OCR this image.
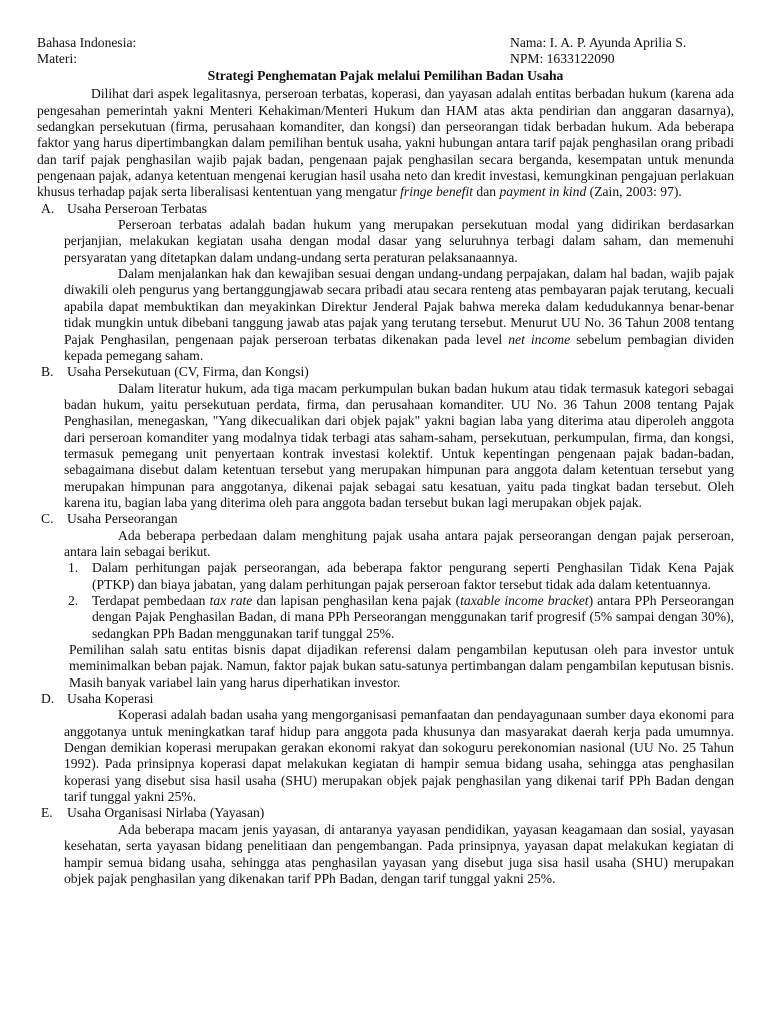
Bahasa Indonesia:	Nama: I. A. P. Ayunda Aprilia S.
Materi:	NPM: 1633122090
Strategi Penghematan Pajak melalui Pemilihan Badan Usaha

Dilihat dari aspek legalitasnya, perseroan terbatas, koperasi, dan yayasan adalah entitas berbadan hukum (karena ada pengesahan pemerintah yakni Menteri Kehakiman/Menteri Hukum dan HAM atas akta pendirian dan anggaran dasarnya), sedangkan persekutuan (firma, perusahaan komanditer, dan kongsi) dan perseorangan tidak berbadan hukum. Ada beberapa faktor yang harus dipertimbangkan dalam pemilihan bentuk usaha, yakni hubungan antara tarif pajak penghasilan orang pribadi dan tarif pajak penghasilan wajib pajak badan, pengenaan pajak penghasilan secara berganda, kesempatan untuk menunda pengenaan pajak, adanya ketentuan mengenai kerugian hasil usaha neto dan kredit investasi, kemungkinan pengajuan perlakuan khusus terhadap pajak serta liberalisasi kententuan yang mengatur fringe benefit dan payment in kind (Zain, 2003: 97).

A. Usaha Perseroan Terbatas

Perseroan terbatas adalah badan hukum yang merupakan persekutuan modal yang didirikan berdasarkan perjanjian, melakukan kegiatan usaha dengan modal dasar yang seluruhnya terbagi dalam saham, dan memenuhi persyaratan yang ditetapkan dalam undang-undang serta peraturan pelaksanaannya.

Dalam menjalankan hak dan kewajiban sesuai dengan undang-undang perpajakan, dalam hal badan, wajib pajak diwakili oleh pengurus yang bertanggungjawab secara pribadi atau secara renteng atas pembayaran pajak terutang, kecuali apabila dapat membuktikan dan meyakinkan Direktur Jenderal Pajak bahwa mereka dalam kedudukannya benar-benar tidak mungkin untuk dibebani tanggung jawab atas pajak yang terutang tersebut. Menurut UU No. 36 Tahun 2008 tentang Pajak Penghasilan, pengenaan pajak perseroan terbatas dikenakan pada level net income sebelum pembagian dividen kepada pemegang saham.

B. Usaha Persekutuan (CV, Firma, dan Kongsi)

Dalam literatur hukum, ada tiga macam perkumpulan bukan badan hukum atau tidak termasuk kategori sebagai badan hukum, yaitu persekutuan perdata, firma, dan perusahaan komanditer. UU No. 36 Tahun 2008 tentang Pajak Penghasilan, menegaskan, "Yang dikecualikan dari objek pajak" yakni bagian laba yang diterima atau diperoleh anggota dari perseroan komanditer yang modalnya tidak terbagi atas saham-saham, persekutuan, perkumpulan, firma, dan kongsi, termasuk pemegang unit penyertaan kontrak investasi kolektif. Untuk kepentingan pengenaan pajak badan-badan, sebagaimana disebut dalam ketentuan tersebut yang merupakan himpunan para anggota dalam ketentuan tersebut yang merupakan himpunan para anggotanya, dikenai pajak sebagai satu kesatuan, yaitu pada tingkat badan tersebut. Oleh karena itu, bagian laba yang diterima oleh para anggota badan tersebut bukan lagi merupakan objek pajak.

C. Usaha Perseorangan

Ada beberapa perbedaan dalam menghitung pajak usaha antara pajak perseorangan dengan pajak perseroan, antara lain sebagai berikut.

1. Dalam perhitungan pajak perseorangan, ada beberapa faktor pengurang seperti Penghasilan Tidak Kena Pajak (PTKP) dan biaya jabatan, yang dalam perhitungan pajak perseroan faktor tersebut tidak ada dalam ketentuannya.
2. Terdapat pembedaan tax rate dan lapisan penghasilan kena pajak (taxable income bracket) antara PPh Perseorangan dengan Pajak Penghasilan Badan, di mana PPh Perseorangan menggunakan tarif progresif (5% sampai dengan 30%), sedangkan PPh Badan menggunakan tarif tunggal 25%.

Pemilihan salah satu entitas bisnis dapat dijadikan referensi dalam pengambilan keputusan oleh para investor untuk meminimalkan beban pajak. Namun, faktor pajak bukan satu-satunya pertimbangan dalam pengambilan keputusan bisnis. Masih banyak variabel lain yang harus diperhatikan investor.

D. Usaha Koperasi

Koperasi adalah badan usaha yang mengorganisasi pemanfaatan dan pendayagunaan sumber daya ekonomi para anggotanya untuk meningkatkan taraf hidup para anggota pada khusunya dan masyarakat daerah kerja pada umumnya. Dengan demikian koperasi merupakan gerakan ekonomi rakyat dan sokoguru perekonomian nasional (UU No. 25 Tahun 1992). Pada prinsipnya koperasi dapat melakukan kegiatan di hampir semua bidang usaha, sehingga atas penghasilan koperasi yang disebut sisa hasil usaha (SHU) merupakan objek pajak penghasilan yang dikenai tarif PPh Badan dengan tarif tunggal yakni 25%.

E. Usaha Organisasi Nirlaba (Yayasan)

Ada beberapa macam jenis yayasan, di antaranya yayasan pendidikan, yayasan keagamaan dan sosial, yayasan kesehatan, serta yayasan bidang penelitiaan dan pengembangan. Pada prinsipnya, yayasan dapat melakukan kegiatan di hampir semua bidang usaha, sehingga atas penghasilan yayasan yang disebut juga sisa hasil usaha (SHU) merupakan objek pajak penghasilan yang dikenakan tarif PPh Badan, dengan tarif tunggal yakni 25%.
